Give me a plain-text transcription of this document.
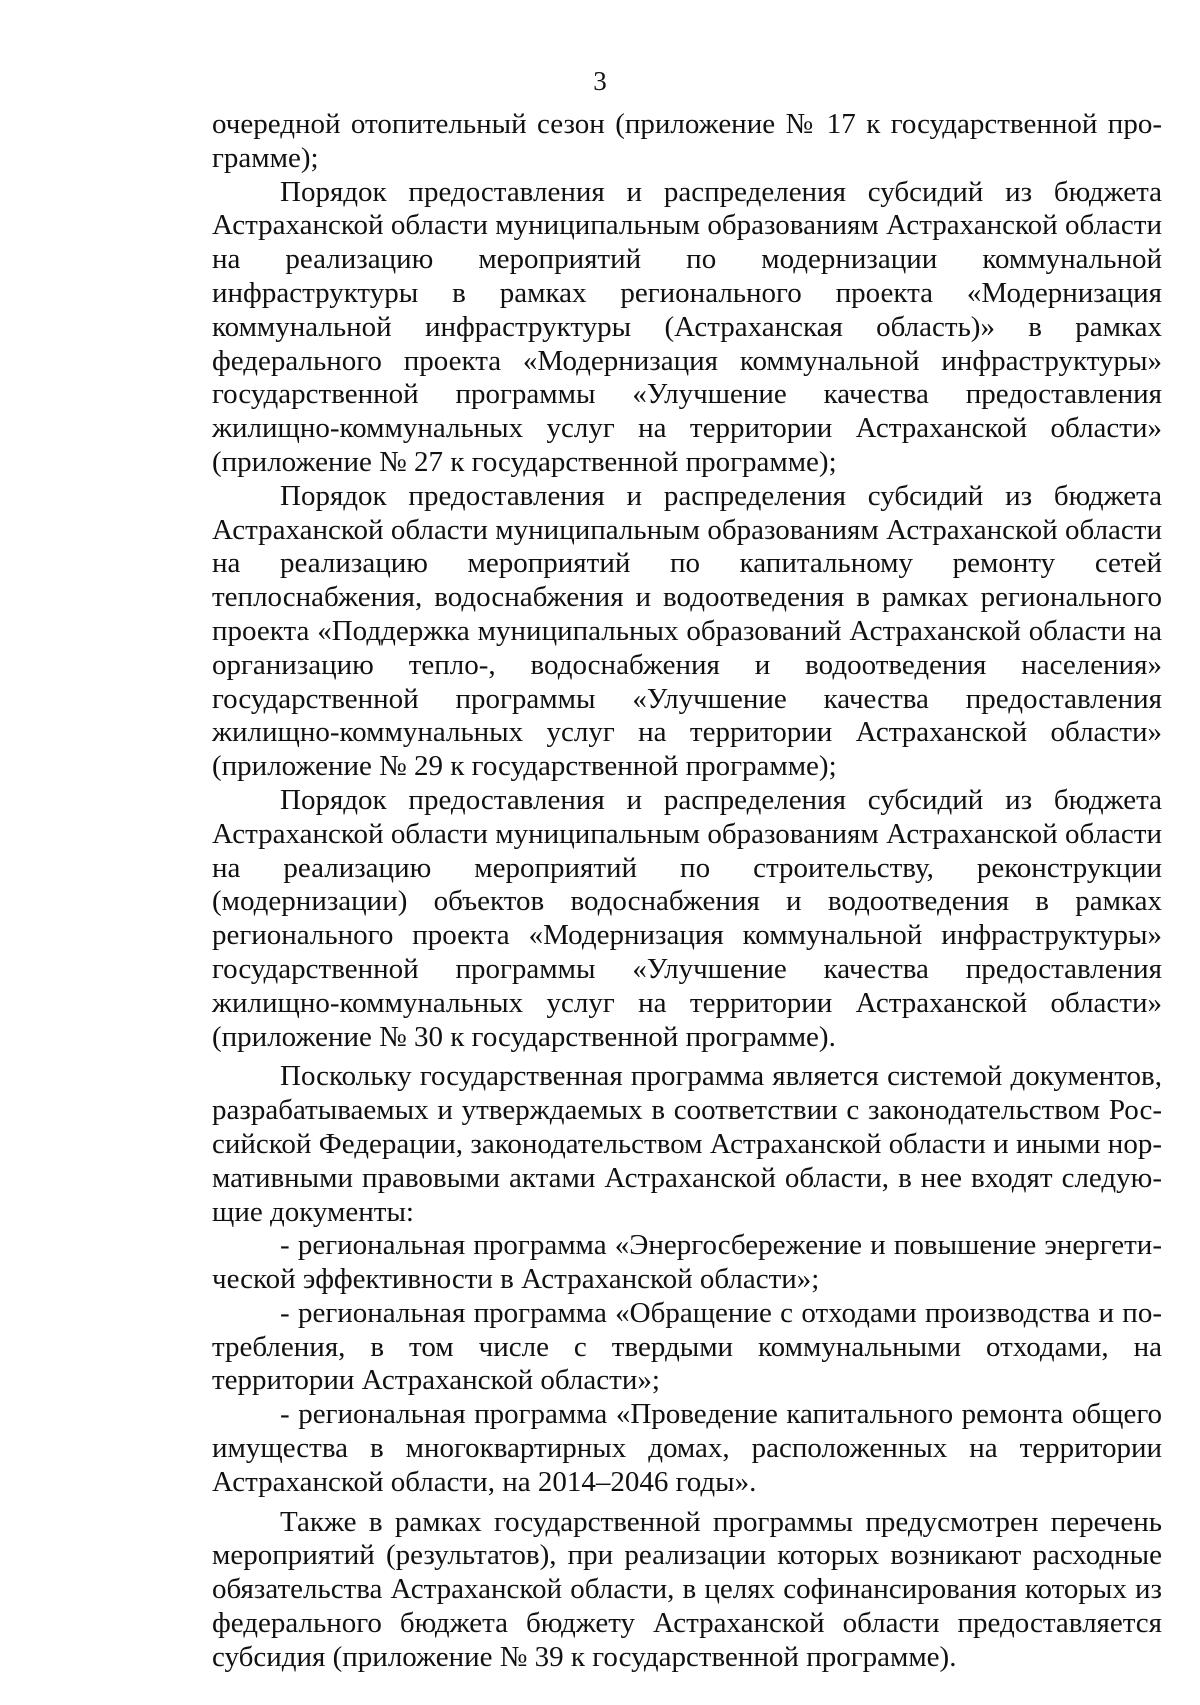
3

очередной отопительный сезон (приложение № 17 к государственной программе);

Порядок предоставления и распределения субсидий из бюджета Астраханской области муниципальным образованиям Астраханской области на реализацию мероприятий по модернизации коммунальной инфраструктуры в рамках регионального проекта «Модернизация коммунальной инфраструктуры (Астраханская область)» в рамках федерального проекта «Модернизация коммунальной инфраструктуры» государственной программы «Улучшение качества предоставления жилищно-коммунальных услуг на территории Астраханской области» (приложение № 27 к государственной программе);

Порядок предоставления и распределения субсидий из бюджета Астраханской области муниципальным образованиям Астраханской области на реализацию мероприятий по капитальному ремонту сетей теплоснабжения, водоснабжения и водоотведения в рамках регионального проекта «Поддержка муниципальных образований Астраханской области на организацию тепло-, водоснабжения и водоотведения населения» государственной программы «Улучшение качества предоставления жилищно-коммунальных услуг на территории Астраханской области» (приложение № 29 к государственной программе);

Порядок предоставления и распределения субсидий из бюджета Астраханской области муниципальным образованиям Астраханской области на реализацию мероприятий по строительству, реконструкции (модернизации) объектов водоснабжения и водоотведения в рамках регионального проекта «Модернизация коммунальной инфраструктуры» государственной программы «Улучшение качества предоставления жилищно-коммунальных услуг на территории Астраханской области» (приложение № 30 к государственной программе).

Поскольку государственная программа является системой документов, разрабатываемых и утверждаемых в соответствии с законодательством Российской Федерации, законодательством Астраханской области и иными нормативными правовыми актами Астраханской области, в нее входят следующие документы:

- региональная программа «Энергосбережение и повышение энергетической эффективности в Астраханской области»;

- региональная программа «Обращение с отходами производства и потребления, в том числе с твердыми коммунальными отходами, на территории Астраханской области»;

- региональная программа «Проведение капитального ремонта общего имущества в многоквартирных домах, расположенных на территории Астраханской области, на 2014–2046 годы».

Также в рамках государственной программы предусмотрен перечень мероприятий (результатов), при реализации которых возникают расходные обязательства Астраханской области, в целях софинансирования которых из федерального бюджета бюджету Астраханской области предоставляется субсидия (приложение № 39 к государственной программе).
